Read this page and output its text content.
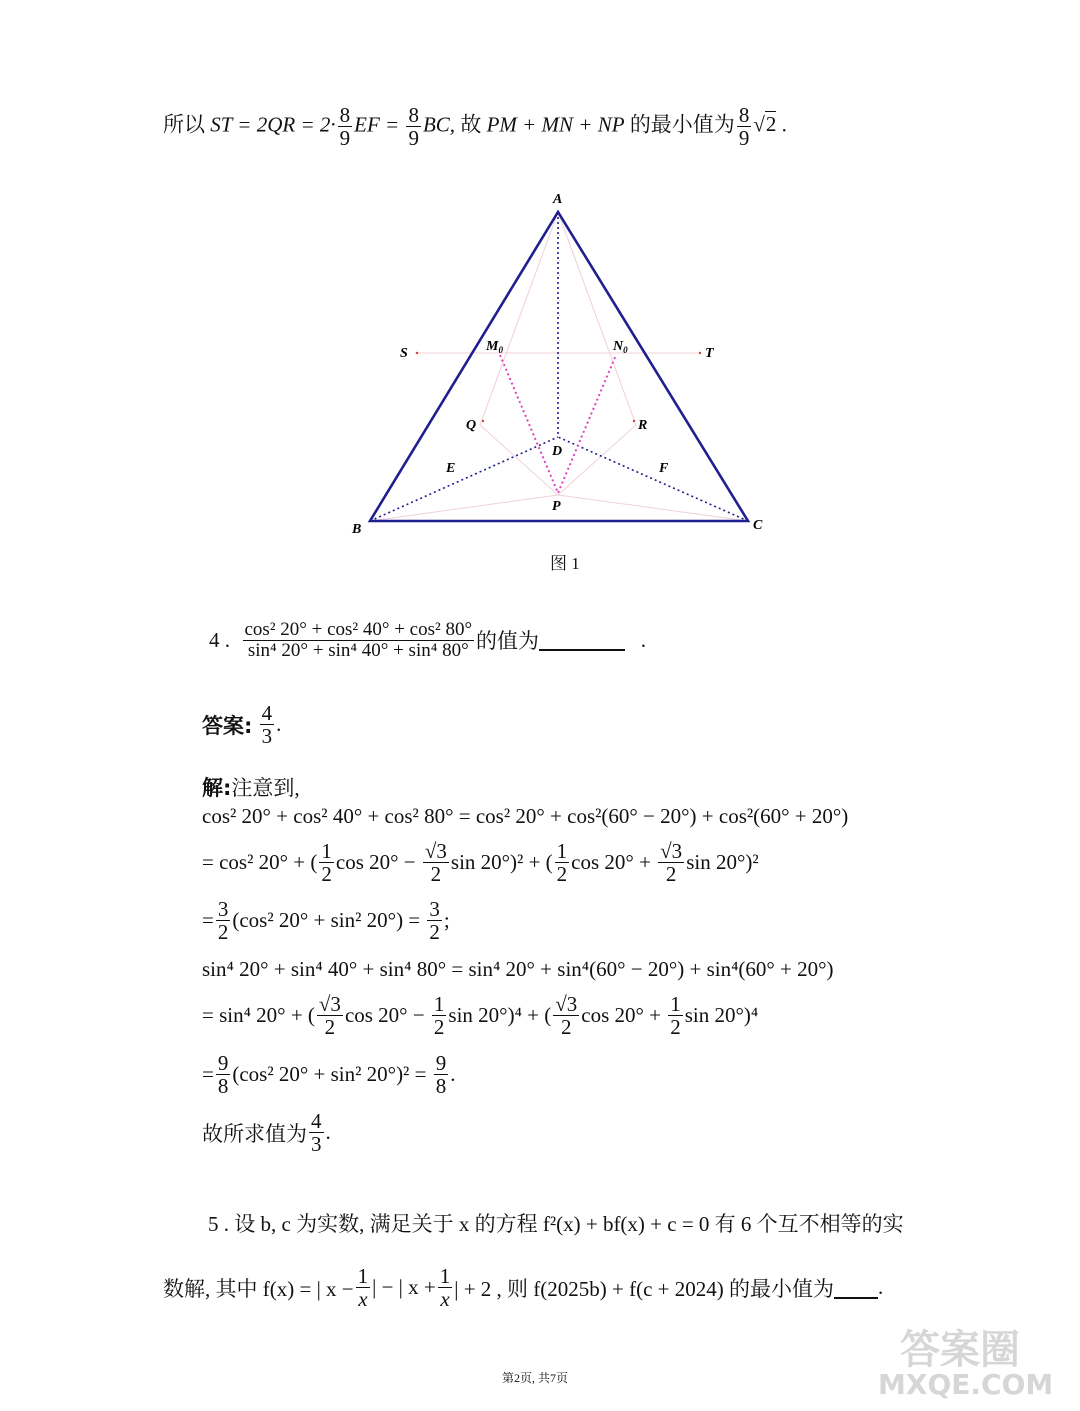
所以 ST = $2QR = 2\cdot \frac{8}{9}$ EF = $\frac{8}{9}$ BC, 故 PM + MN + NP 的最小值为 $\frac{8}{9} √2$ .
A
B	C
D
P
E	F
Q	R
S	T
$M_0$	$N_0$
图 1
4 .
$\frac{\text{cos² 20° + cos² 40° + cos² 80°}}{\text{sin⁴ 20° + sin⁴ 40° + sin⁴ 80°}}$ 的值为
	.
答案:
$\frac{4}{3}$ .
解:注意到,
cos² 20° + cos² 40° + cos² 80° = cos² 20° + cos²(60° − 20°) + cos²(60° + 20°)
= cos² 20° + ( $\frac{1}{2}$ cos 20° −
$\frac{√3}{2}$ sin 20°)² + ( $\frac{1}{2}$ cos 20° +
$\frac{√3}{2}$ sin 20°)²
= $\frac{3}{2} (\cos^2$ 20° + sin² 20°) =
$\frac{3}{2}$ ;
sin⁴ 20° + sin⁴ 40° + sin⁴ 80° = sin⁴ 20° + sin⁴(60° − 20°) + sin⁴(60° + 20°)
= sin⁴ 20° + ( $\frac{√3}{2}$ cos 20° −
$\frac{1}{2}$ sin 20°)⁴ + ( $\frac{√3}{2}$ cos 20° +
$\frac{1}{2}$ sin 20°)⁴
= $\frac{9}{8} (\cos^2$ 20° + sin² 20°)² =
$\frac{9}{8}$ .
故所求值为 $\frac{4}{3}$ .
5 . 设 b, c 为实数, 满足关于 x 的方程 f²(x) + bf(x) + c = 0 有 6 个互不相等的实
数解, 其中 f(x) = | $x - \frac{1}{x}$ | − | $x + \frac{1}{x}$ | + 2 , 则 f(2025b) + f(c + 2024) 的最小值为 .
第2页, 共7页
答案圈
MXQE.COM
